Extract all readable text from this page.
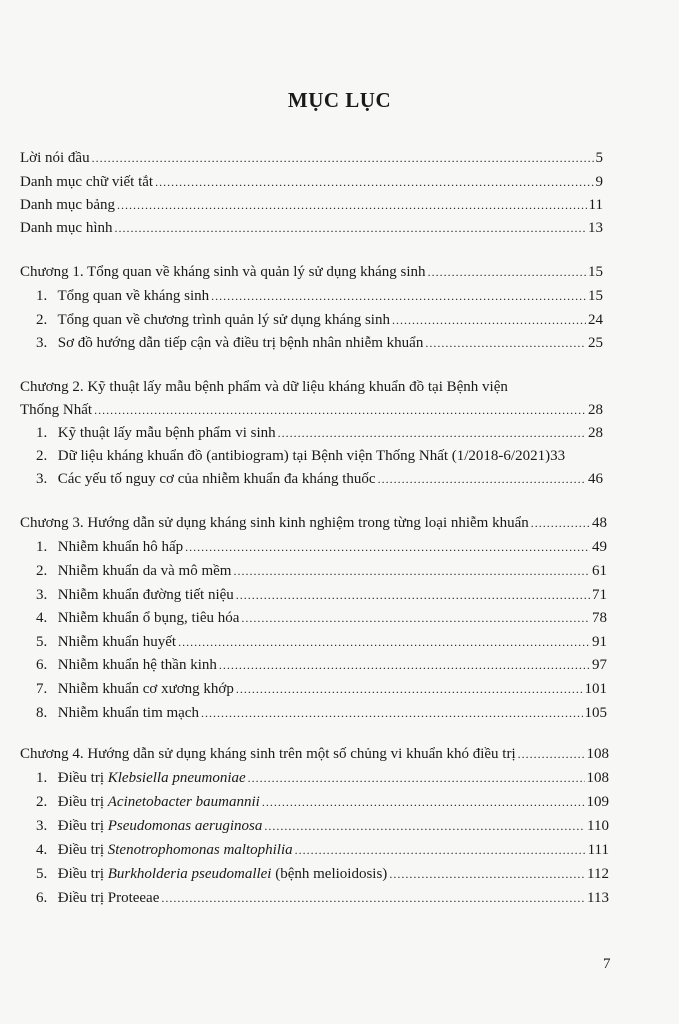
MỤC LỤC
Lời nói đầu .....	5
Danh mục chữ viết tắt .....	9
Danh mục bảng .....	11
Danh mục hình .....	13
Chương 1. Tổng quan về kháng sinh và quản lý sử dụng kháng sinh .....	15
1. Tổng quan về kháng sinh .....	15
2. Tổng quan về chương trình quản lý sử dụng kháng sinh .....	24
3. Sơ đồ hướng dẫn tiếp cận và điều trị bệnh nhân nhiễm khuẩn .....	25
Chương 2. Kỹ thuật lấy mẫu bệnh phẩm và dữ liệu kháng khuẩn đồ tại Bệnh viện
Thống Nhất .....	28
1. Kỹ thuật lấy mẫu bệnh phẩm vi sinh .....	28
2. Dữ liệu kháng khuẩn đồ (antibiogram) tại Bệnh viện Thống Nhất (1/2018-6/2021) 33
3. Các yếu tố nguy cơ của nhiễm khuẩn đa kháng thuốc .....	46
Chương 3. Hướng dẫn sử dụng kháng sinh kinh nghiệm trong từng loại nhiễm khuẩn .....	48
1. Nhiễm khuẩn hô hấp .....	49
2. Nhiễm khuẩn da và mô mềm .....	61
3. Nhiễm khuẩn đường tiết niệu .....	71
4. Nhiễm khuẩn ổ bụng, tiêu hóa .....	78
5. Nhiễm khuẩn huyết .....	91
6. Nhiễm khuẩn hệ thần kinh .....	97
7. Nhiễm khuẩn cơ xương khớp .....	101
8. Nhiễm khuẩn tim mạch .....	105
Chương 4. Hướng dẫn sử dụng kháng sinh trên một số chủng vi khuẩn khó điều trị .....	108
1. Điều trị Klebsiella pneumoniae .....	108
2. Điều trị Acinetobacter baumannii .....	109
3. Điều trị Pseudomonas aeruginosa .....	110
4. Điều trị Stenotrophomonas maltophilia .....	111
5. Điều trị Burkholderia pseudomallei (bệnh melioidosis) .....	112
6. Điều trị Proteeae .....	113
7
